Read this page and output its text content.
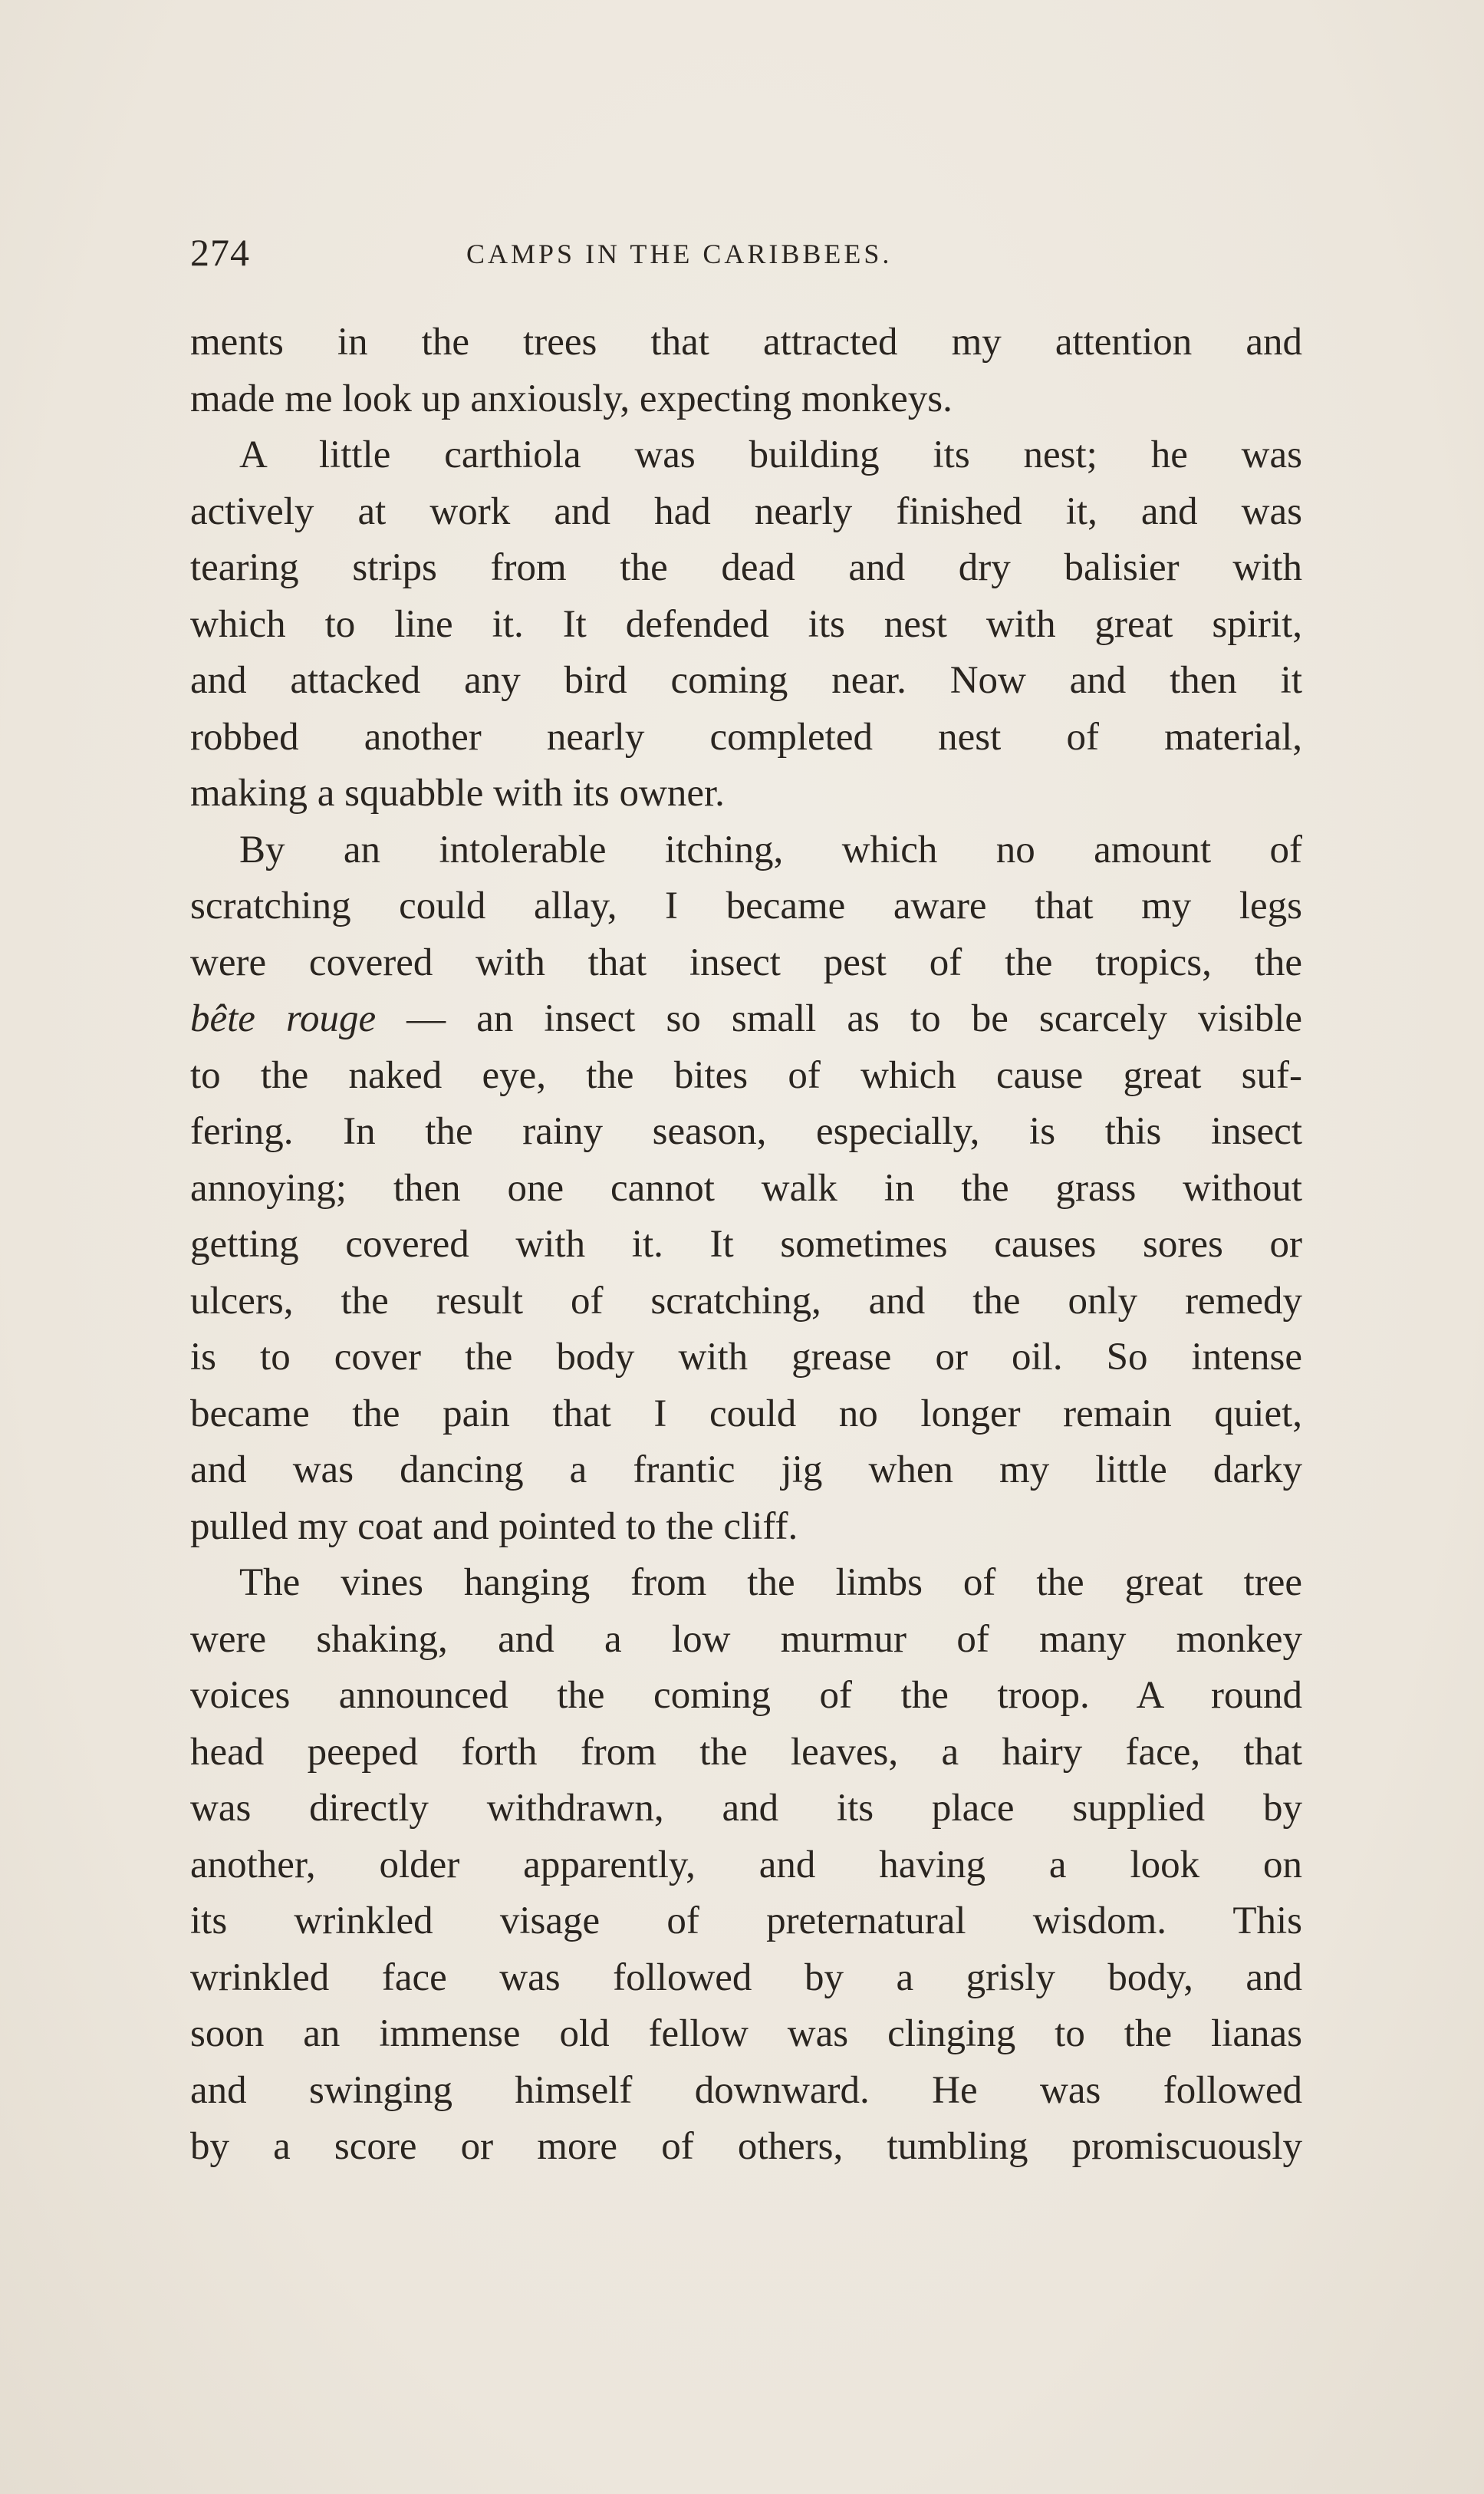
274	CAMPS IN THE CARIBBEES.
ments in the trees that attracted my attention and
made me look up anxiously, expecting monkeys.
A little carthiola was building its nest; he was
actively at work and had nearly finished it, and was
tearing strips from the dead and dry balisier with
which to line it. It defended its nest with great spirit,
and attacked any bird coming near. Now and then it
robbed another nearly completed nest of material,
making a squabble with its owner.
By an intolerable itching, which no amount of
scratching could allay, I became aware that my legs
were covered with that insect pest of the tropics, the
bête rouge — an insect so small as to be scarcely visible
to the naked eye, the bites of which cause great suf-
fering. In the rainy season, especially, is this insect
annoying; then one cannot walk in the grass without
getting covered with it. It sometimes causes sores or
ulcers, the result of scratching, and the only remedy
is to cover the body with grease or oil. So intense
became the pain that I could no longer remain quiet,
and was dancing a frantic jig when my little darky
pulled my coat and pointed to the cliff.
The vines hanging from the limbs of the great tree
were shaking, and a low murmur of many monkey
voices announced the coming of the troop. A round
head peeped forth from the leaves, a hairy face, that
was directly withdrawn, and its place supplied by
another, older apparently, and having a look on
its wrinkled visage of preternatural wisdom. This
wrinkled face was followed by a grisly body, and
soon an immense old fellow was clinging to the lianas
and swinging himself downward. He was followed
by a score or more of others, tumbling promiscuously
